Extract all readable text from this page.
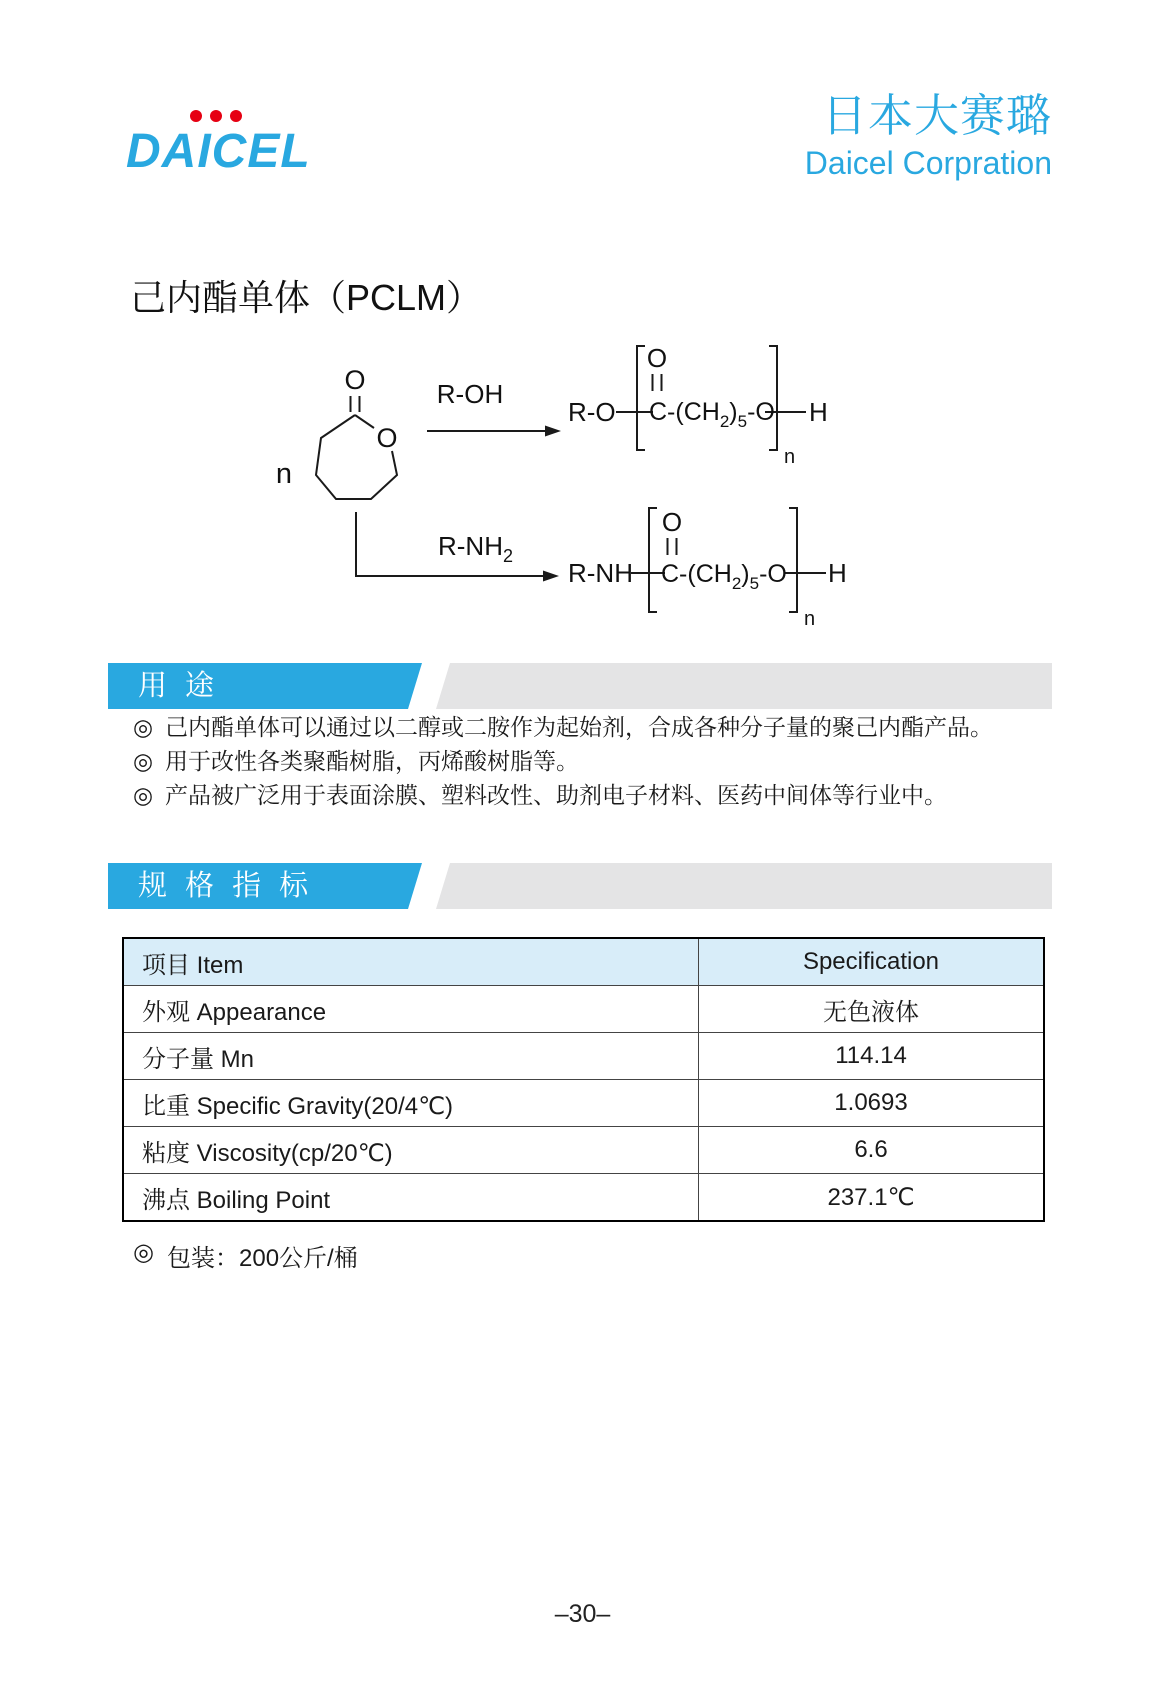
DAICEL
日本大赛璐
Daicel Corpration
己内酯单体（PCLM）
O
O
n
R-OH
$R-NH_2$
R-O
O
$C-(CH_2)_5-O$ H
n
R-NH
O
$C-(CH_2)_5-O$ H
n
用 途
◎ 己内酯单体可以通过以二醇或二胺作为起始剂，合成各种分子量的聚己内酯产品。
◎ 用于改性各类聚酯树脂，丙烯酸树脂等。
◎ 产品被广泛用于表面涂膜、塑料改性、助剂电子材料、医药中间体等行业中。
规 格 指 标
项目 Item	Specification
外观 Appearance	无色液体
分子量 Mn	114.14
比重 Specific Gravity(20/4℃)	1.0693
粘度 Viscosity(cp/20℃)	6.6
沸点 Boiling Point	237.1℃
◎ 包装：200公斤/桶
–30–
